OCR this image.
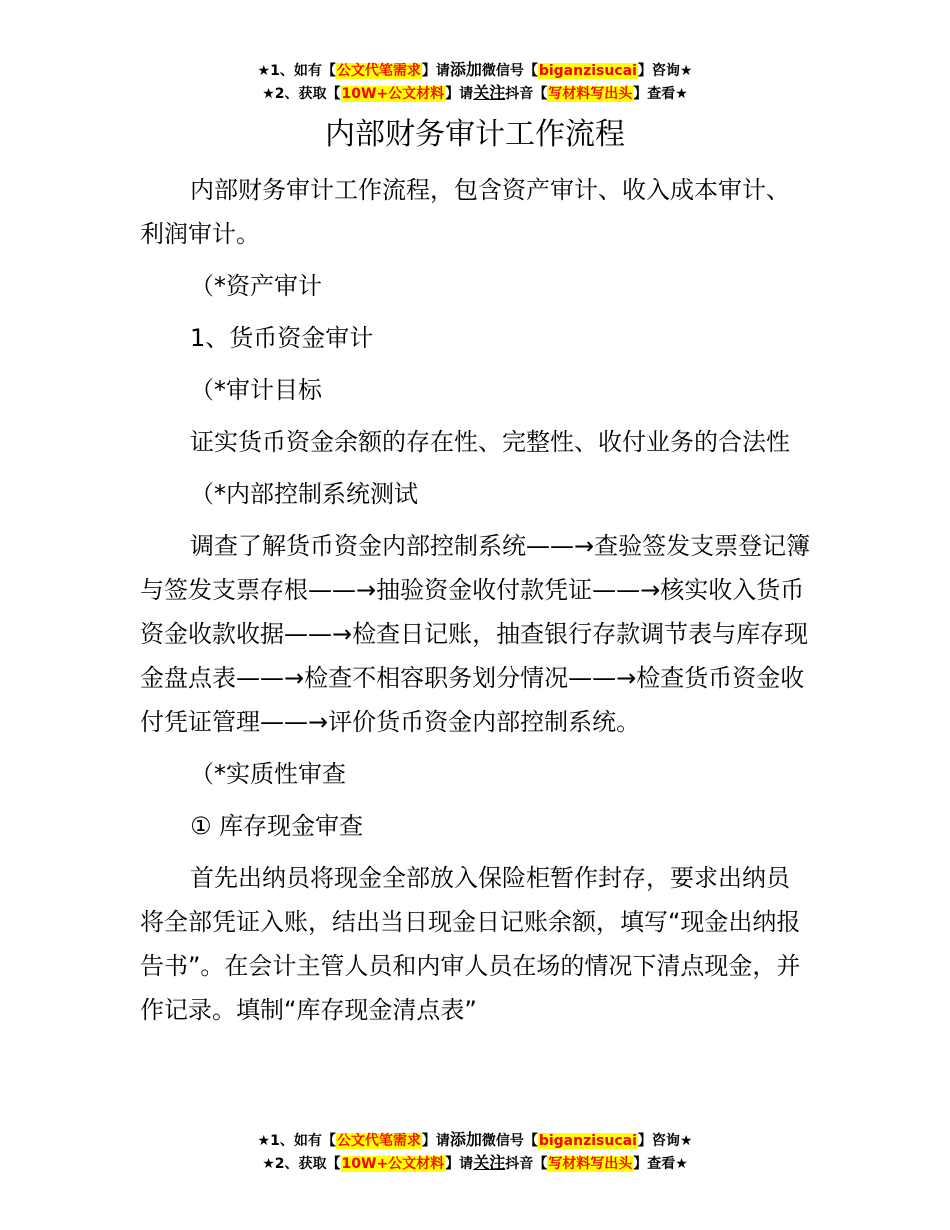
★1、如有【公文代笔需求】请添加微信号【biganzisucai】咨询★
★2、获取【10W+公文材料】请关注抖音【写材料写出头】查看★
内部财务审计工作流程

内部财务审计工作流程，包含资产审计、收入成本审计、利润审计。

（*资产审计

1、货币资金审计

（*审计目标

证实货币资金余额的存在性、完整性、收付业务的合法性

（*内部控制系统测试

调查了解货币资金内部控制系统——→查验签发支票登记簿与签发支票存根——→抽验资金收付款凭证——→核实收入货币资金收款收据——→检查日记账，抽查银行存款调节表与库存现金盘点表——→检查不相容职务划分情况——→检查货币资金收付凭证管理——→评价货币资金内部控制系统。

（*实质性审查

① 库存现金审查

首先出纳员将现金全部放入保险柜暂作封存，要求出纳员将全部凭证入账，结出当日现金日记账余额，填写“现金出纳报告书”。在会计主管人员和内审人员在场的情况下清点现金，并作记录。填制“库存现金清点表”

★1、如有【公文代笔需求】请添加微信号【biganzisucai】咨询★
★2、获取【10W+公文材料】请关注抖音【写材料写出头】查看★
